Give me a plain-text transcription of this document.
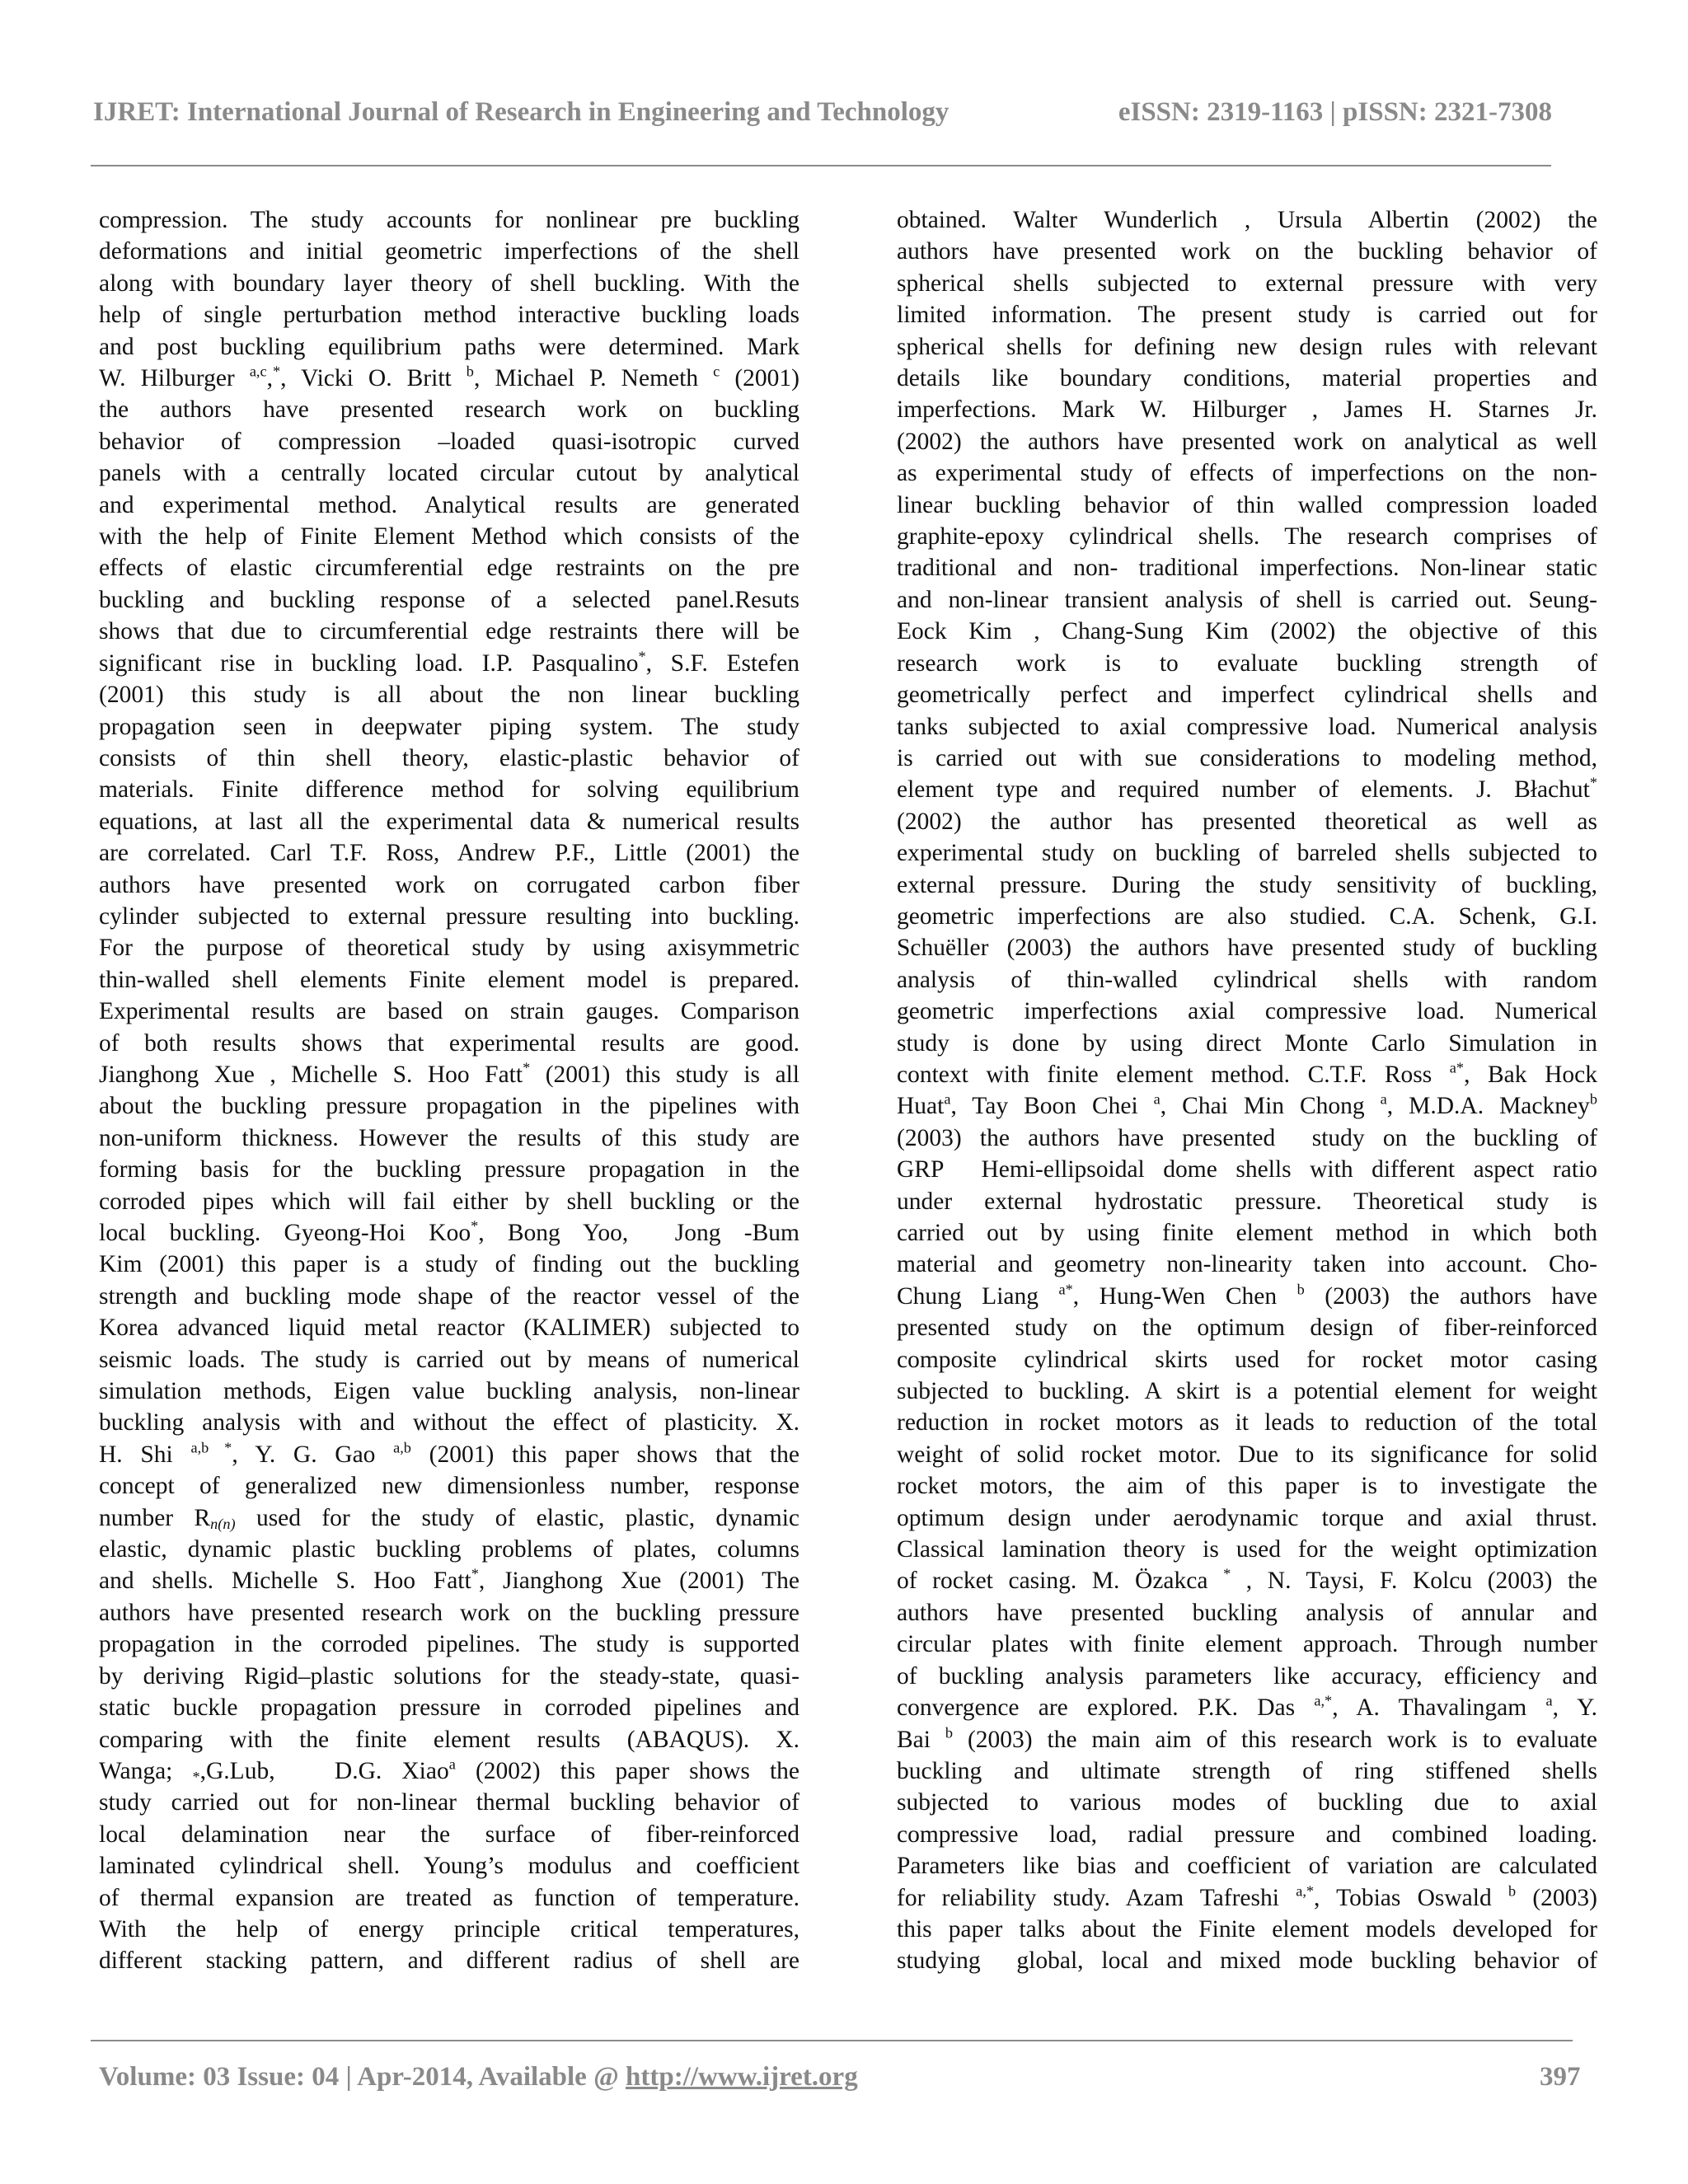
IJRET: International Journal of Research in Engineering and Technology	eISSN: 2319-1163 | pISSN: 2321-7308

compression. The study accounts for nonlinear pre buckling

deformations and initial geometric imperfections of the shell

along with boundary layer theory of shell buckling. With the

help of single perturbation method interactive buckling loads

and post buckling equilibrium paths were determined. Mark

W. Hilburger $^{a,c}$,*, Vicki O. Britt $^b$, Michael P. Nemeth $^c$ (2001)

the authors have presented research work on buckling

behavior of compression –loaded quasi-isotropic curved

panels with a centrally located circular cutout by analytical

and experimental method. Analytical results are generated

with the help of Finite Element Method which consists of the

effects of elastic circumferential edge restraints on the pre

buckling and buckling response of a selected panel.Resuts

shows that due to circumferential edge restraints there will be

significant rise in buckling load. I.P. Pasqualino*, S.F. Estefen

(2001) this study is all about the non linear buckling

propagation seen in deepwater piping system. The study

consists of thin shell theory, elastic-plastic behavior of

materials. Finite difference method for solving equilibrium

equations, at last all the experimental data & numerical results

are correlated. Carl T.F. Ross, Andrew P.F., Little (2001) the

authors have presented work on corrugated carbon fiber

cylinder subjected to external pressure resulting into buckling.

For the purpose of theoretical study by using axisymmetric

thin-walled shell elements Finite element model is prepared.

Experimental results are based on strain gauges. Comparison

of both results shows that experimental results are good.

Jianghong Xue , Michelle S. Hoo Fatt* (2001) this study is all

about the buckling pressure propagation in the pipelines with

non-uniform thickness. However the results of this study are

forming basis for the buckling pressure propagation in the

corroded pipes which will fail either by shell buckling or the

local buckling. Gyeong-Hoi Koo*, Bong Yoo,  Jong -Bum

Kim (2001) this paper is a study of finding out the buckling

strength and buckling mode shape of the reactor vessel of the

Korea advanced liquid metal reactor (KALIMER) subjected to

seismic loads. The study is carried out by means of numerical

simulation methods, Eigen value buckling analysis, non-linear

buckling analysis with and without the effect of plasticity. X.

H. Shi $^{a,b *}$, Y. G. Gao $^{a,b}$ (2001) this paper shows that the

concept of generalized new dimensionless number, response

number $R_{n(n)}$ used for the study of elastic, plastic, dynamic

elastic, dynamic plastic buckling problems of plates, columns

and shells. Michelle S. Hoo Fatt*, Jianghong Xue (2001) The

authors have presented research work on the buckling pressure

propagation in the corroded pipelines. The study is supported

by deriving Rigid–plastic solutions for the steady-state, quasi-

static buckle propagation pressure in corroded pipelines and

comparing with the finite element results (ABAQUS). X.

Wanga; $_*$,G.Lub,   D.G. Xiao$^a$ (2002) this paper shows the

study carried out for non-linear thermal buckling behavior of

local delamination near the surface of fiber-reinforced

laminated cylindrical shell. Young’s modulus and coefficient

of thermal expansion are treated as function of temperature.

With the help of energy principle critical temperatures,

different stacking pattern, and different radius of shell are

obtained. Walter Wunderlich , Ursula Albertin (2002) the

authors have presented work on the buckling behavior of

spherical shells subjected to external pressure with very

limited information. The present study is carried out for

spherical shells for defining new design rules with relevant

details like boundary conditions, material properties and

imperfections. Mark W. Hilburger , James H. Starnes Jr.

(2002) the authors have presented work on analytical as well

as experimental study of effects of imperfections on the non-

linear buckling behavior of thin walled compression loaded

graphite-epoxy cylindrical shells. The research comprises of

traditional and non- traditional imperfections. Non-linear static

and non-linear transient analysis of shell is carried out. Seung-

Eock Kim , Chang-Sung Kim (2002) the objective of this

research work is to evaluate buckling strength of

geometrically perfect and imperfect cylindrical shells and

tanks subjected to axial compressive load. Numerical analysis

is carried out with sue considerations to modeling method,

element type and required number of elements. J. Błachut*

(2002) the author has presented theoretical as well as

experimental study on buckling of barreled shells subjected to

external pressure. During the study sensitivity of buckling,

geometric imperfections are also studied. C.A. Schenk, G.I.

Schuëller (2003) the authors have presented study of buckling

analysis of thin-walled cylindrical shells with random

geometric imperfections axial compressive load. Numerical

study is done by using direct Monte Carlo Simulation in

context with finite element method. C.T.F. Ross $^{a*}$, Bak Hock

Huat$^a$, Tay Boon Chei $^a$, Chai Min Chong $^a$, M.D.A. Mackney$^b$

(2003) the authors have presented  study on the buckling of

GRP  Hemi-ellipsoidal dome shells with different aspect ratio

under external hydrostatic pressure. Theoretical study is

carried out by using finite element method in which both

material and geometry non-linearity taken into account. Cho-

Chung Liang $^{a*}$, Hung-Wen Chen $^b$ (2003) the authors have

presented study on the optimum design of fiber-reinforced

composite cylindrical skirts used for rocket motor casing

subjected to buckling. A skirt is a potential element for weight

reduction in rocket motors as it leads to reduction of the total

weight of solid rocket motor. Due to its significance for solid

rocket motors, the aim of this paper is to investigate the

optimum design under aerodynamic torque and axial thrust.

Classical lamination theory is used for the weight optimization

of rocket casing. M. Özakca * , N. Taysi, F. Kolcu (2003) the

authors have presented buckling analysis of annular and

circular plates with finite element approach. Through number

of buckling analysis parameters like accuracy, efficiency and

convergence are explored. P.K. Das $^{a,*}$, A. Thavalingam $^a$, Y.

Bai $^b$ (2003) the main aim of this research work is to evaluate

buckling and ultimate strength of ring stiffened shells

subjected to various modes of buckling due to axial

compressive load, radial pressure and combined loading.

Parameters like bias and coefficient of variation are calculated

for reliability study. Azam Tafreshi $^{a,*}$, Tobias Oswald $^b$ (2003)

this paper talks about the Finite element models developed for

studying  global, local and mixed mode buckling behavior of

Volume: 03 Issue: 04 | Apr-2014, Available @ http://www.ijret.org	397
